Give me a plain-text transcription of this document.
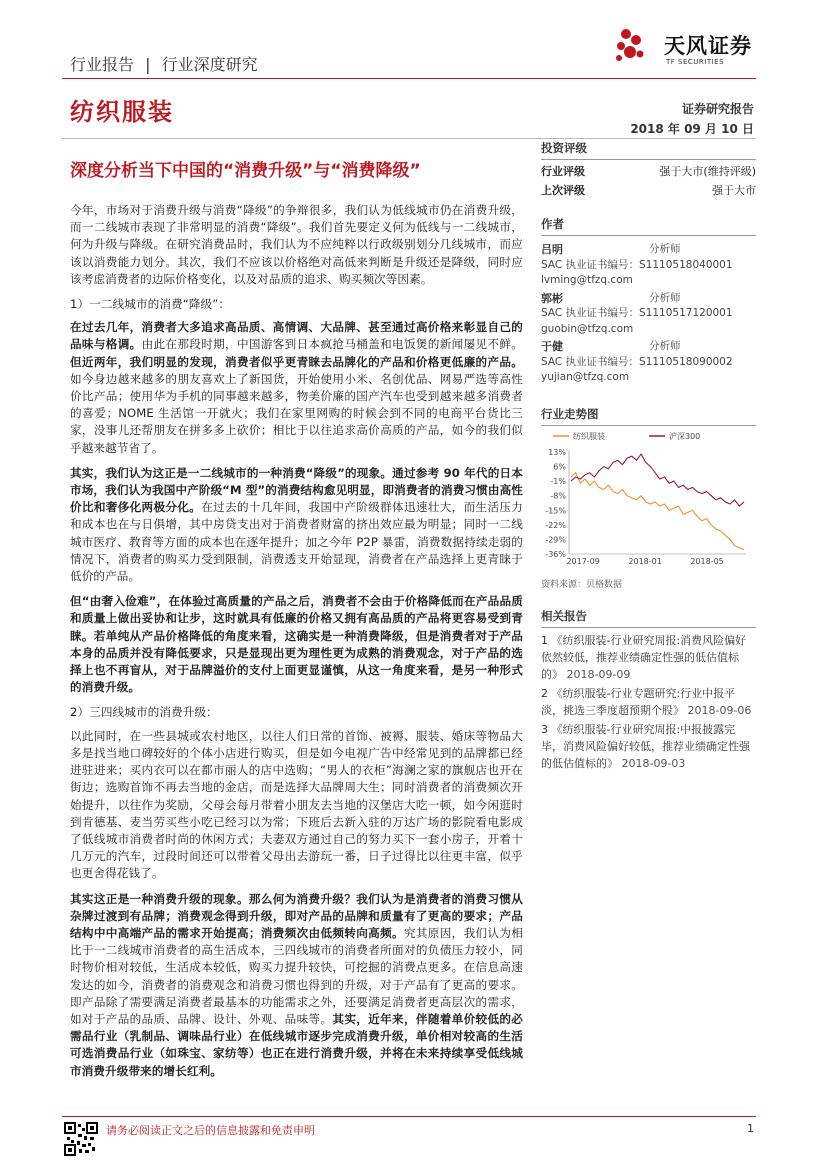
行业报告 | 行业深度研究
天风证券
TF SECURITIES
纺织服装	证券研究报告
2018 年 09 月 10 日
深度分析当下中国的“消费升级”与“消费降级”

今年，市场对于消费升级与消费“降级”的争辩很多，我们认为低线城市仍在消费升级，而一二线城市表现了非常明显的消费“降级”。我们首先要定义何为低线与一二线城市，何为升级与降级。在研究消费品时，我们认为不应纯粹以行政级别划分几线城市，而应该以消费能力划分。其次，我们不应该以价格绝对高低来判断是升级还是降级，同时应该考虑消费者的边际价格变化，以及对品质的追求、购买频次等因素。

1）一二线城市的消费“降级”：

在过去几年，消费者大多追求高品质、高情调、大品牌、甚至通过高价格来彰显自己的品味与格调。由此在那段时期，中国游客到日本疯抢马桶盖和电饭煲的新闻屡见不鲜。但近两年，我们明显的发现，消费者似乎更青睐去品牌化的产品和价格更低廉的产品。如今身边越来越多的朋友喜欢上了新国货，开始使用小米、名创优品、网易严选等高性价比产品；使用华为手机的同事越来越多，物美价廉的国产汽车也受到越来越多消费者的喜爱；NOME 生活馆一开就火；我们在家里网购的时候会到不同的电商平台货比三家，没事儿还帮朋友在拼多多上砍价；相比于以往追求高价高质的产品，如今的我们似乎越来越节省了。

其实，我们认为这正是一二线城市的一种消费“降级”的现象。通过参考 90 年代的日本市场，我们认为我国中产阶级“M 型”的消费结构愈见明显，即消费者的消费习惯由高性价比和奢侈化两极分化。在过去的十几年间，我国中产阶级群体迅速壮大，而生活压力和成本也在与日俱增，其中房贷支出对于消费者财富的挤出效应最为明显；同时一二线城市医疗、教育等方面的成本也在逐年提升；加之今年 P2P 暴雷，消费数据持续走弱的情况下，消费者的购买力受到限制，消费透支开始显现，消费者在产品选择上更青睐于低价的产品。

但“由奢入俭难”，在体验过高质量的产品之后，消费者不会由于价格降低而在产品品质和质量上做出妥协和让步，这时就具有低廉的价格又拥有高品质的产品将更容易受到青睐。若单纯从产品价格降低的角度来看，这确实是一种消费降级，但是消费者对于产品本身的品质并没有降低要求，只是显现出更为理性更为成熟的消费观念，对于产品的选择上也不再盲从，对于品牌溢价的支付上面更显谨慎，从这一角度来看，是另一种形式的消费升级。

2）三四线城市的消费升级：

以此同时，在一些县城或农村地区，以往人们日常的首饰、被褥、服装、婚床等物品大多是找当地口碑较好的个体小店进行购买，但是如今电视广告中经常见到的品牌都已经进驻进来；买内衣可以在都市丽人的店中选购；“男人的衣柜”海澜之家的旗舰店也开在街边；选购首饰不再去当地的金店，而是选择大品牌周大生；同时消费者的消费频次开始提升，以往作为奖励，父母会每月带着小朋友去当地的汉堡店大吃一顿，如今闲逛时到肯德基、麦当劳买些小吃已经习以为常；下班后去新入驻的万达广场的影院看电影成了低线城市消费者时尚的休闲方式；夫妻双方通过自己的努力买下一套小房子，开着十几万元的汽车，过段时间还可以带着父母出去游玩一番，日子过得比以往更丰富，似乎也更舍得花钱了。

其实这正是一种消费升级的现象。那么何为消费升级？我们认为是消费者的消费习惯从杂牌过渡到有品牌；消费观念得到升级，即对产品的品牌和质量有了更高的要求；产品结构中中高端产品的需求开始提高；消费频次由低频转向高频。究其原因，我们认为相比于一二线城市消费者的高生活成本，三四线城市的消费者所面对的负债压力较小，同时物价相对较低，生活成本较低，购买力提升较快，可挖掘的消费点更多。在信息高速发达的如今，消费者的消费观念和消费习惯也得到的升级，对于产品有了更高的要求。即产品除了需要满足消费者最基本的功能需求之外，还要满足消费者更高层次的需求，如对于产品的品质、品牌、设计、外观、品味等。其实，近年来，伴随着单价较低的必需品行业（乳制品、调味品行业）在低线城市逐步完成消费升级，单价相对较高的生活可选消费品行业（如珠宝、家纺等）也正在进行消费升级，并将在未来持续享受低线城市消费升级带来的增长红利。

投资评级
行业评级	强于大市(维持评级)
上次评级	强于大市
作者
吕明	分析师
SAC 执业证书编号：S1110518040001
lvming@tfzq.com
郭彬	分析师
SAC 执业证书编号：S1110517120001
guobin@tfzq.com
于健	分析师
SAC 执业证书编号：S1110518090002
yujian@tfzq.com
行业走势图
纺织服装	沪深300
13%
6%
-1%
-8%
-15%
-22%
-29%
-36%
2017-09	2018-01	2018-05
资料来源：贝格数据
相关报告
1 《纺织服装-行业研究周报:消费风险偏好依然较低，推荐业绩确定性强的低估值标的》 2018-09-09
2 《纺织服装-行业专题研究:行业中报平淡，挑选三季度超预期个股》 2018-09-06
3 《纺织服装-行业研究周报:中报披露完毕，消费风险偏好较低，推荐业绩确定性强的低估值标的》 2018-09-03
请务必阅读正文之后的信息披露和免责申明	1
